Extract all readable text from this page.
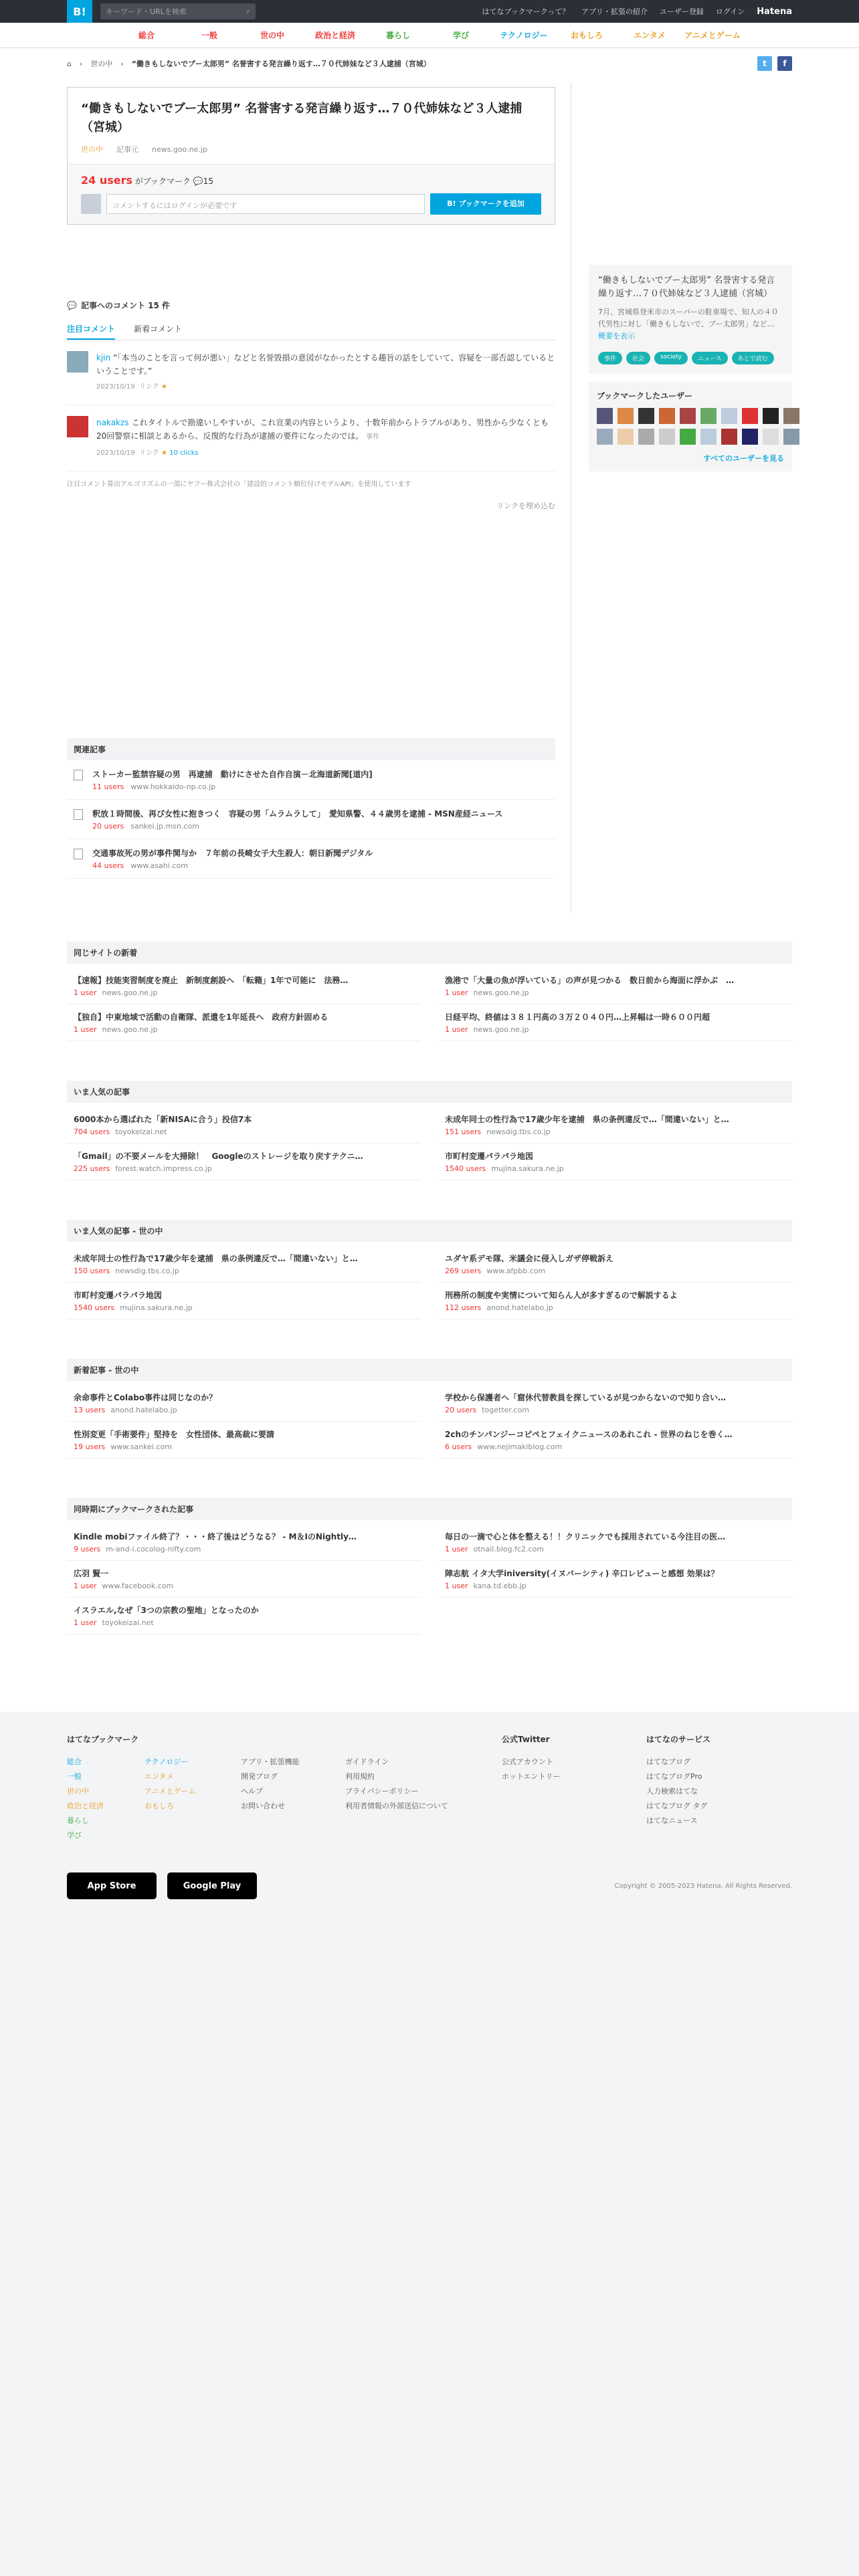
B!	キーワード・URLを検索	⌕	はてなブックマークって？ アプリ・拡張の紹介 ユーザー登録 ログイン Hatena
総合	一般	世の中	政治と経済	暮らし	学び	テクノロジー	おもしろ	エンタメ	アニメとゲーム
⌂ › 世の中 › “働きもしないでブー太郎男” 名誉害する発言繰り返す…７０代姉妹など３人逮捕（宮城）	t	f
“働きもしないでブー太郎男” 名誉害する発言繰り返す…７０代姉妹など３人逮捕（宮城）
世の中 記事元 news.goo.ne.jp
24 users がブックマーク 💬15
コメントするにはログインが必要です	B! ブックマークを追加
💬 記事へのコメント 15 件
注目コメント 新着コメント
kjin “「本当のことを言って何が悪い」などと名誉毀損の意図がなかったとする趣旨の話をしていて、容疑を一部否認しているということです。”
2023/10/19 リンク ★
nakakzs これタイトルで勘違いしやすいが、これ宣業の内容というより、十数年前からトラブルがあり、男性から少なくとも20回警察に相談とあるから、反復的な行為が逮捕の要件になったのでは。 事件
2023/10/19 リンク ★ 10 clicks
注目コメント算出アルゴリズムの一部にヤフー株式会社の「建設的コメント順位付けモデルAPI」を使用しています
リンクを埋め込む
関連記事
ストーカー監禁容疑の男　再逮捕　動けにさせた自作自演－北海道新聞[道内]
11 users www.hokkaido-np.co.jp
釈放１時間後、再び女性に抱きつく　容疑の男「ムラムラして」　愛知県警、４４歳男を逮捕 - MSN産経ニュース
20 users sankei.jp.msn.com
交通事故死の男が事件関与か　７年前の長崎女子大生殺人：朝日新聞デジタル
44 users www.asahi.com
“働きもしないでブー太郎男” 名誉害する発言繰り返す…７０代姉妹など３人逮捕（宮城）
7月、宮城県登米市のスーパーの駐車場で、知人の４０代男性に対し「働きもしないで、ブー太郎男」など… 概要を表示
事件	社会	society	ニュース	あとで読む
ブックマークしたユーザー
すべてのユーザーを見る
同じサイトの新着
【速報】技能実習制度を廃止　新制度創設へ　「転籍」1年で可能に　法務…
1 user news.goo.ne.jp
【独自】中東地域で活動の自衛隊、派遣を1年延長へ　政府方針固める
1 user news.goo.ne.jp
漁港で「大量の魚が浮いている」の声が見つかる　数日前から海面に浮かぶ　…
1 user news.goo.ne.jp
日経平均、終値は３８１円高の３万２０４０円…上昇幅は一時６００円超
1 user news.goo.ne.jp
いま人気の記事
6000本から選ばれた「新NISAに合う」投信7本
704 users toyokeizai.net
「Gmail」の不要メールを大掃除！　Googleのストレージを取り戻すテクニ…
225 users forest.watch.impress.co.jp
未成年同士の性行為で17歳少年を逮捕　県の条例違反で…「間違いない」と…
151 users newsdig.tbs.co.jp
市町村変遷パラパラ地図
1540 users mujina.sakura.ne.jp
いま人気の記事 - 世の中
未成年同士の性行為で17歳少年を逮捕　県の条例違反で…「間違いない」と…
150 users newsdig.tbs.co.jp
市町村変遷パラパラ地図
1540 users mujina.sakura.ne.jp
ユダヤ系デモ隊、米議会に侵入しガザ停戦訴え
269 users www.afpbb.com
刑務所の制度や実情について知らん人が多すぎるので解説するよ
112 users anond.hatelabo.jp
新着記事 - 世の中
余命事件とColabo事件は同じなのか？
13 users anond.hatelabo.jp
性別変更「手術要件」堅持を　女性団体、最高裁に要請
19 users www.sankei.com
学校から保護者へ「窟休代替教員を探しているが見つからないので知り合い…
20 users togetter.com
2chのチンパンジーコピペとフェイクニュースのあれこれ - 世界のねじを巻く…
6 users www.nejimakiblog.com
同時期にブックマークされた記事
Kindle mobiファイル終了？・・・終了後はどうなる？ - M＆IのNightly…
9 users m-and-i.cocolog-nifty.com
広羽 賢一
1 user www.facebook.com
イスラエル,なぜ「3つの宗教の聖地」となったのか
1 user toyokeizai.net
毎日の一滴で心と体を整える！！クリニックでも採用されている今注目の医…
1 user otnail.blog.fc2.com
陣志航 イタ大学iniversity(イヌバーシティ) 辛口レビューと感想 効果は？
1 user kana.td.ebb.jp
はてなブックマーク
総合
一般
世の中
政治と経済
暮らし
学び
テクノロジー
エンタメ
アニメとゲーム
おもしろ
アプリ・拡張機能
開発ブログ
ヘルプ
お問い合わせ
ガイドライン
利用規約
プライバシーポリシー
利用者情報の外部送信について
公式Twitter
公式アカウント
ホットエントリー
はてなのサービス
はてなブログ
はてなブログPro
人力検索はてな
はてなブログ タグ
はてなニュース
App Store	Google Play	Copyright © 2005-2023 Hatena. All Rights Reserved.
